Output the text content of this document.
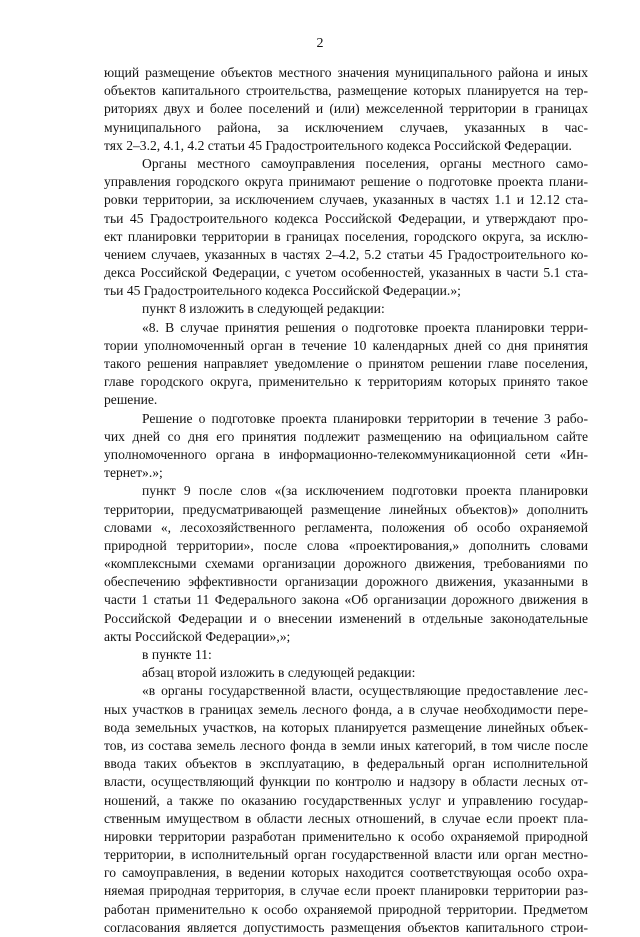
2
ющий размещение объектов местного значения муниципального района и иных
объектов капитального строительства, размещение которых планируется на тер-
риториях двух и более поселений и (или) межселенной территории в границах
муниципального района, за исключением случаев, указанных в час-
тях 2–3.2, 4.1, 4.2 статьи 45 Градостроительного кодекса Российской Федерации.
Органы местного самоуправления поселения, органы местного само-
управления городского округа принимают решение о подготовке проекта плани-
ровки территории, за исключением случаев, указанных в частях 1.1 и 12.12 ста-
тьи 45 Градостроительного кодекса Российской Федерации, и утверждают про-
ект планировки территории в границах поселения, городского округа, за исклю-
чением случаев, указанных в частях 2–4.2, 5.2 статьи 45 Градостроительного ко-
декса Российской Федерации, с учетом особенностей, указанных в части 5.1 ста-
тьи 45 Градостроительного кодекса Российской Федерации.»;
пункт 8 изложить в следующей редакции:
«8. В случае принятия решения о подготовке проекта планировки терри-
тории уполномоченный орган в течение 10 календарных дней со дня принятия
такого решения направляет уведомление о принятом решении главе поселения,
главе городского округа, применительно к территориям которых принято такое
решение.
Решение о подготовке проекта планировки территории в течение 3 рабо-
чих дней со дня его принятия подлежит размещению на официальном сайте
уполномоченного органа в информационно-телекоммуникационной сети «Ин-
тернет».»;
пункт 9 после слов «(за исключением подготовки проекта планировки
территории, предусматривающей размещение линейных объектов)» дополнить
словами «, лесохозяйственного регламента, положения об особо охраняемой
природной территории», после слова «проектирования,» дополнить словами
«комплексными схемами организации дорожного движения, требованиями по
обеспечению эффективности организации дорожного движения, указанными в
части 1 статьи 11 Федерального закона «Об организации дорожного движения в
Российской Федерации и о внесении изменений в отдельные законодательные
акты Российской Федерации»,»;
в пункте 11:
абзац второй изложить в следующей редакции:
«в органы государственной власти, осуществляющие предоставление лес-
ных участков в границах земель лесного фонда, а в случае необходимости пере-
вода земельных участков, на которых планируется размещение линейных объек-
тов, из состава земель лесного фонда в земли иных категорий, в том числе после
ввода таких объектов в эксплуатацию, в федеральный орган исполнительной
власти, осуществляющий функции по контролю и надзору в области лесных от-
ношений, а также по оказанию государственных услуг и управлению государ-
ственным имуществом в области лесных отношений, в случае если проект пла-
нировки территории разработан применительно к особо охраняемой природной
территории, в исполнительный орган государственной власти или орган местно-
го самоуправления, в ведении которых находится соответствующая особо охра-
няемая природная территория, в случае если проект планировки территории раз-
работан применительно к особо охраняемой природной территории. Предметом
согласования является допустимость размещения объектов капитального строи-
